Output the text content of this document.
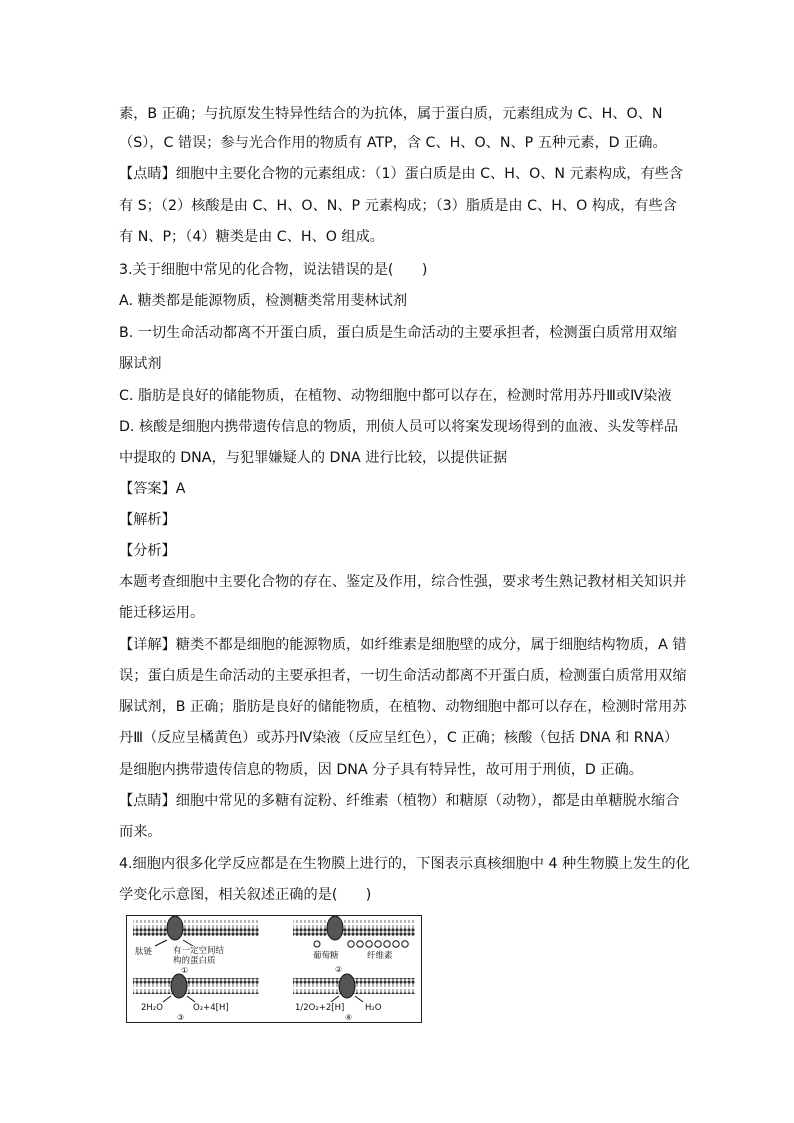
素，B 正确；与抗原发生特异性结合的为抗体，属于蛋白质，元素组成为 C、H、O、N
（S），C 错误；参与光合作用的物质有 ATP，含 C、H、O、N、P 五种元素，D 正确。
【点睛】细胞中主要化合物的元素组成：（1）蛋白质是由 C、H、O、N 元素构成，有些含
有 S；（2）核酸是由 C、H、O、N、P 元素构成；（3）脂质是由 C、H、O 构成，有些含
有 N、P；（4）糖类是由 C、H、O 组成。
3.关于细胞中常见的化合物，说法错误的是(　　)
A. 糖类都是能源物质，检测糖类常用斐林试剂
B. 一切生命活动都离不开蛋白质，蛋白质是生命活动的主要承担者，检测蛋白质常用双缩
脲试剂
C. 脂肪是良好的储能物质，在植物、动物细胞中都可以存在，检测时常用苏丹Ⅲ或Ⅳ染液
D. 核酸是细胞内携带遗传信息的物质，刑侦人员可以将案发现场得到的血液、头发等样品
中提取的 DNA，与犯罪嫌疑人的 DNA 进行比较，以提供证据
【答案】A
【解析】
【分析】
本题考查细胞中主要化合物的存在、鉴定及作用，综合性强，要求考生熟记教材相关知识并
能迁移运用。
【详解】糖类不都是细胞的能源物质，如纤维素是细胞壁的成分，属于细胞结构物质，A 错
误；蛋白质是生命活动的主要承担者，一切生命活动都离不开蛋白质，检测蛋白质常用双缩
脲试剂，B 正确；脂肪是良好的储能物质，在植物、动物细胞中都可以存在，检测时常用苏
丹Ⅲ（反应呈橘黄色）或苏丹Ⅳ染液（反应呈红色），C 正确；核酸（包括 DNA 和 RNA）
是细胞内携带遗传信息的物质，因 DNA 分子具有特异性，故可用于刑侦，D 正确。
【点睛】细胞中常见的多糖有淀粉、纤维素（植物）和糖原（动物），都是由单糖脱水缩合
而来。
4.细胞内很多化学反应都是在生物膜上进行的，下图表示真核细胞中 4 种生物膜上发生的化
学变化示意图，相关叙述正确的是(　　)
肽链 有一定空间结
构的蛋白质
①
葡萄糖	纤维素
②
2H₂O	O₂+4[H]
③
1/2O₂+2[H] H₂O
④
